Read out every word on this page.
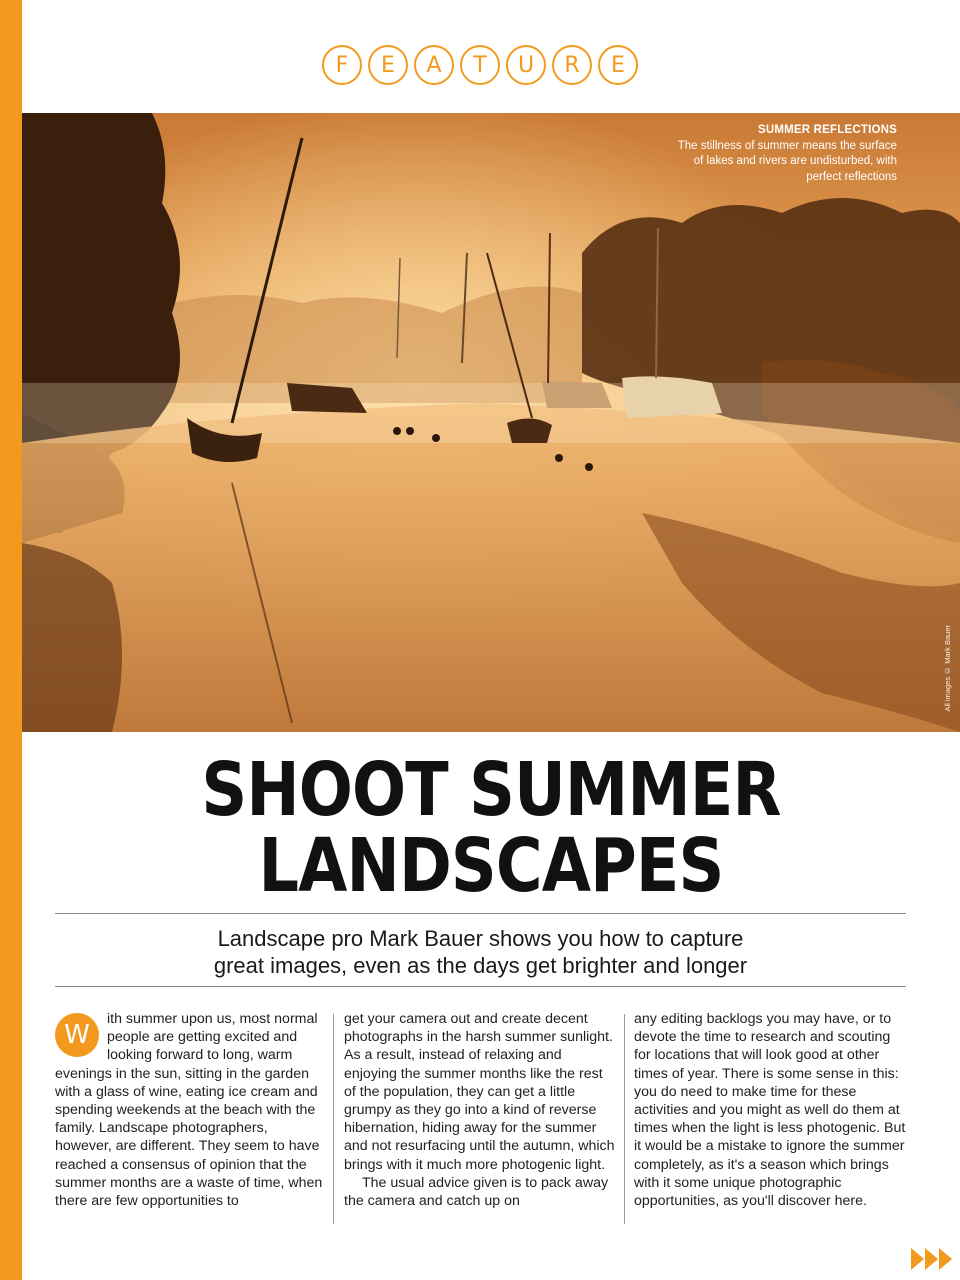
F	E	A	T	U	R	E
SUMMER REFLECTIONS
The stillness of summer means the surface of lakes and rivers are undisturbed, with perfect reflections
All images © Mark Bauer
SHOOT SUMMER
LANDSCAPES
Landscape pro Mark Bauer shows you how to capture
great images, even as the days get brighter and longer
W

ith summer upon us, most normal people are getting excited and looking forward to long, warm evenings in the sun, sitting in the garden with a glass of wine, eating ice cream and spending weekends at the beach with the family. Landscape photographers, however, are different. They seem to have reached a consensus of opinion that the summer months are a waste of time, when there are few opportunities to

get your camera out and create decent photographs in the harsh summer sunlight. As a result, instead of relaxing and enjoying the summer months like the rest of the population, they can get a little grumpy as they go into a kind of reverse hibernation, hiding away for the summer and not resurfacing until the autumn, which brings with it much more photogenic light.

The usual advice given is to pack away the camera and catch up on

any editing backlogs you may have, or to devote the time to research and scouting for locations that will look good at other times of year. There is some sense in this: you do need to make time for these activities and you might as well do them at times when the light is less photogenic. But it would be a mistake to ignore the summer completely, as it's a season which brings with it some unique photographic opportunities, as you'll discover here.
